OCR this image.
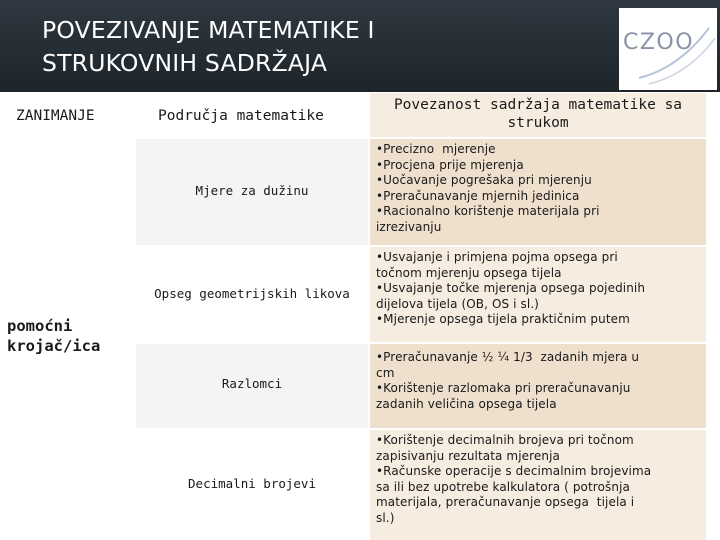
POVEZIVANJE MATEMATIKE I
STRUKOVNIH SADRŽAJA
CZOO
ZANIMANJE	Područja matematike
Povezanost sadržaja matematike sa strukom
pomoćni krojač/ica
Mjere za dužinu
•Precizno  mjerenje
•Procjena prije mjerenja
•Uočavanje pogrešaka pri mjerenju
•Preračunavanje mjernih jedinica
•Racionalno korištenje materijala pri
izrezivanju
Opseg geometrijskih likova
•Usvajanje i primjena pojma opsega pri
točnom mjerenju opsega tijela
•Usvajanje točke mjerenja opsega pojedinih
dijelova tijela (OB, OS i sl.)
•Mjerenje opsega tijela praktičnim putem
Razlomci
•Preračunavanje ½ ¼ 1/3  zadanih mjera u
cm
•Korištenje razlomaka pri preračunavanju
zadanih veličina opsega tijela
Decimalni brojevi
•Korištenje decimalnih brojeva pri točnom
zapisivanju rezultata mjerenja
•Računske operacije s decimalnim brojevima
sa ili bez upotrebe kalkulatora ( potrošnja
materijala, preračunavanje opsega  tijela i
sl.)
